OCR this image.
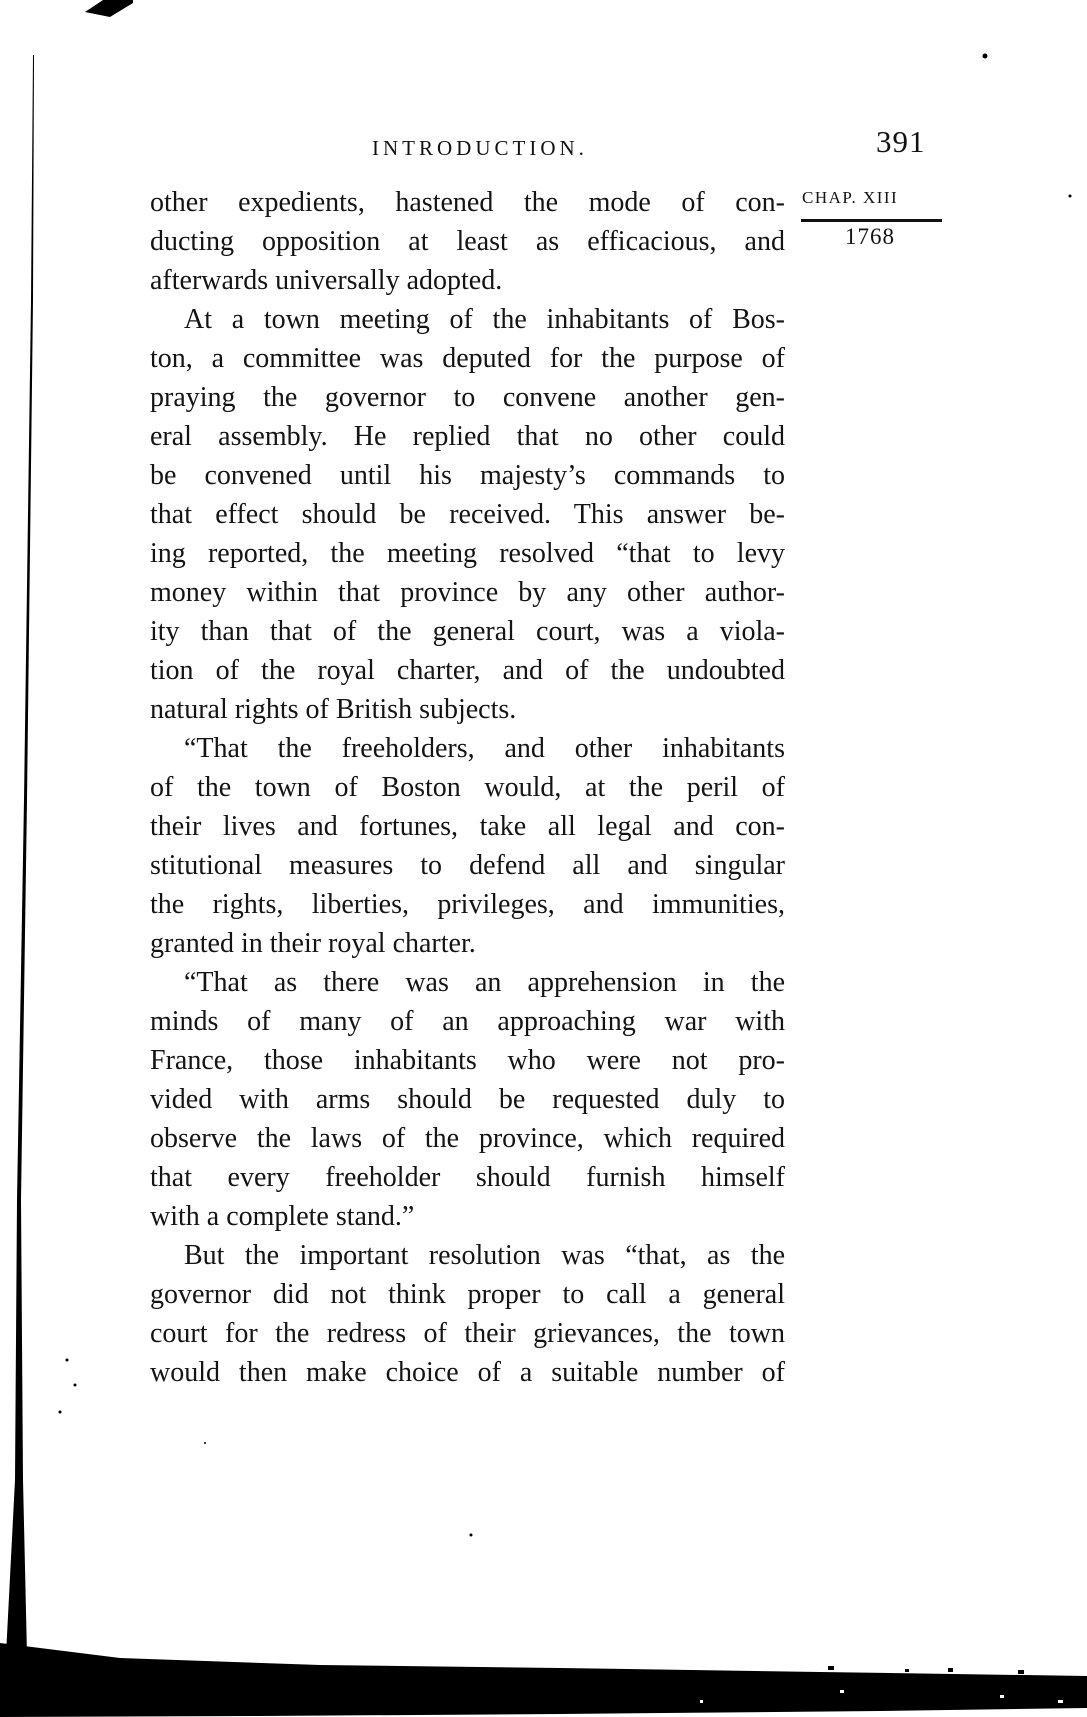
INTRODUCTION.	391
CHAP. XIII
1768
other expedients, hastened the mode of con-
ducting opposition at least as efficacious, and
afterwards universally adopted.
At a town meeting of the inhabitants of Bos-
ton, a committee was deputed for the purpose of
praying the governor to convene another gen-
eral assembly. He replied that no other could
be convened until his majesty’s commands to
that effect should be received. This answer be-
ing reported, the meeting resolved “that to levy
money within that province by any other author-
ity than that of the general court, was a viola-
tion of the royal charter, and of the undoubted
natural rights of British subjects.
“That the freeholders, and other inhabitants
of the town of Boston would, at the peril of
their lives and fortunes, take all legal and con-
stitutional measures to defend all and singular
the rights, liberties, privileges, and immunities,
granted in their royal charter.
“That as there was an apprehension in the
minds of many of an approaching war with
France, those inhabitants who were not pro-
vided with arms should be requested duly to
observe the laws of the province, which required
that every freeholder should furnish himself
with a complete stand.”
But the important resolution was “that, as the
governor did not think proper to call a general
court for the redress of their grievances, the town
would then make choice of a suitable number of
